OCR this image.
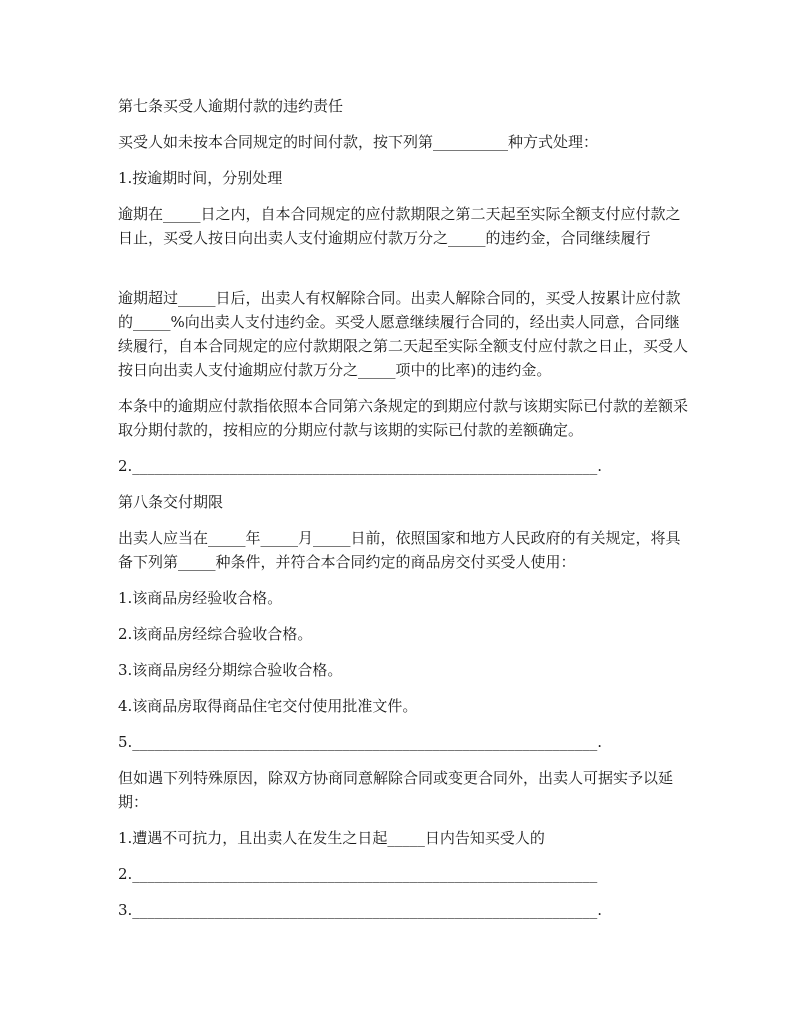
第七条买受人逾期付款的违约责任

买受人如未按本合同规定的时间付款，按下列第__________种方式处理：

1.按逾期时间，分别处理

逾期在_____日之内，自本合同规定的应付款期限之第二天起至实际全额支付应付款之日止，买受人按日向出卖人支付逾期应付款万分之_____的违约金，合同继续履行

逾期超过_____日后，出卖人有权解除合同。出卖人解除合同的，买受人按累计应付款的_____%向出卖人支付违约金。买受人愿意继续履行合同的，经出卖人同意，合同继续履行，自本合同规定的应付款期限之第二天起至实际全额支付应付款之日止，买受人按日向出卖人支付逾期应付款万分之_____项中的比率)的违约金。

本条中的逾期应付款指依照本合同第六条规定的到期应付款与该期实际已付款的差额采取分期付款的，按相应的分期应付款与该期的实际已付款的差额确定。

2.______________________________________________________________.

第八条交付期限

出卖人应当在_____年_____月_____日前，依照国家和地方人民政府的有关规定，将具备下列第_____种条件，并符合本合同约定的商品房交付买受人使用：

1.该商品房经验收合格。

2.该商品房经综合验收合格。

3.该商品房经分期综合验收合格。

4.该商品房取得商品住宅交付使用批准文件。

5.______________________________________________________________.

但如遇下列特殊原因，除双方协商同意解除合同或变更合同外，出卖人可据实予以延期：

1.遭遇不可抗力，且出卖人在发生之日起_____日内告知买受人的

2.______________________________________________________________

3.______________________________________________________________.
